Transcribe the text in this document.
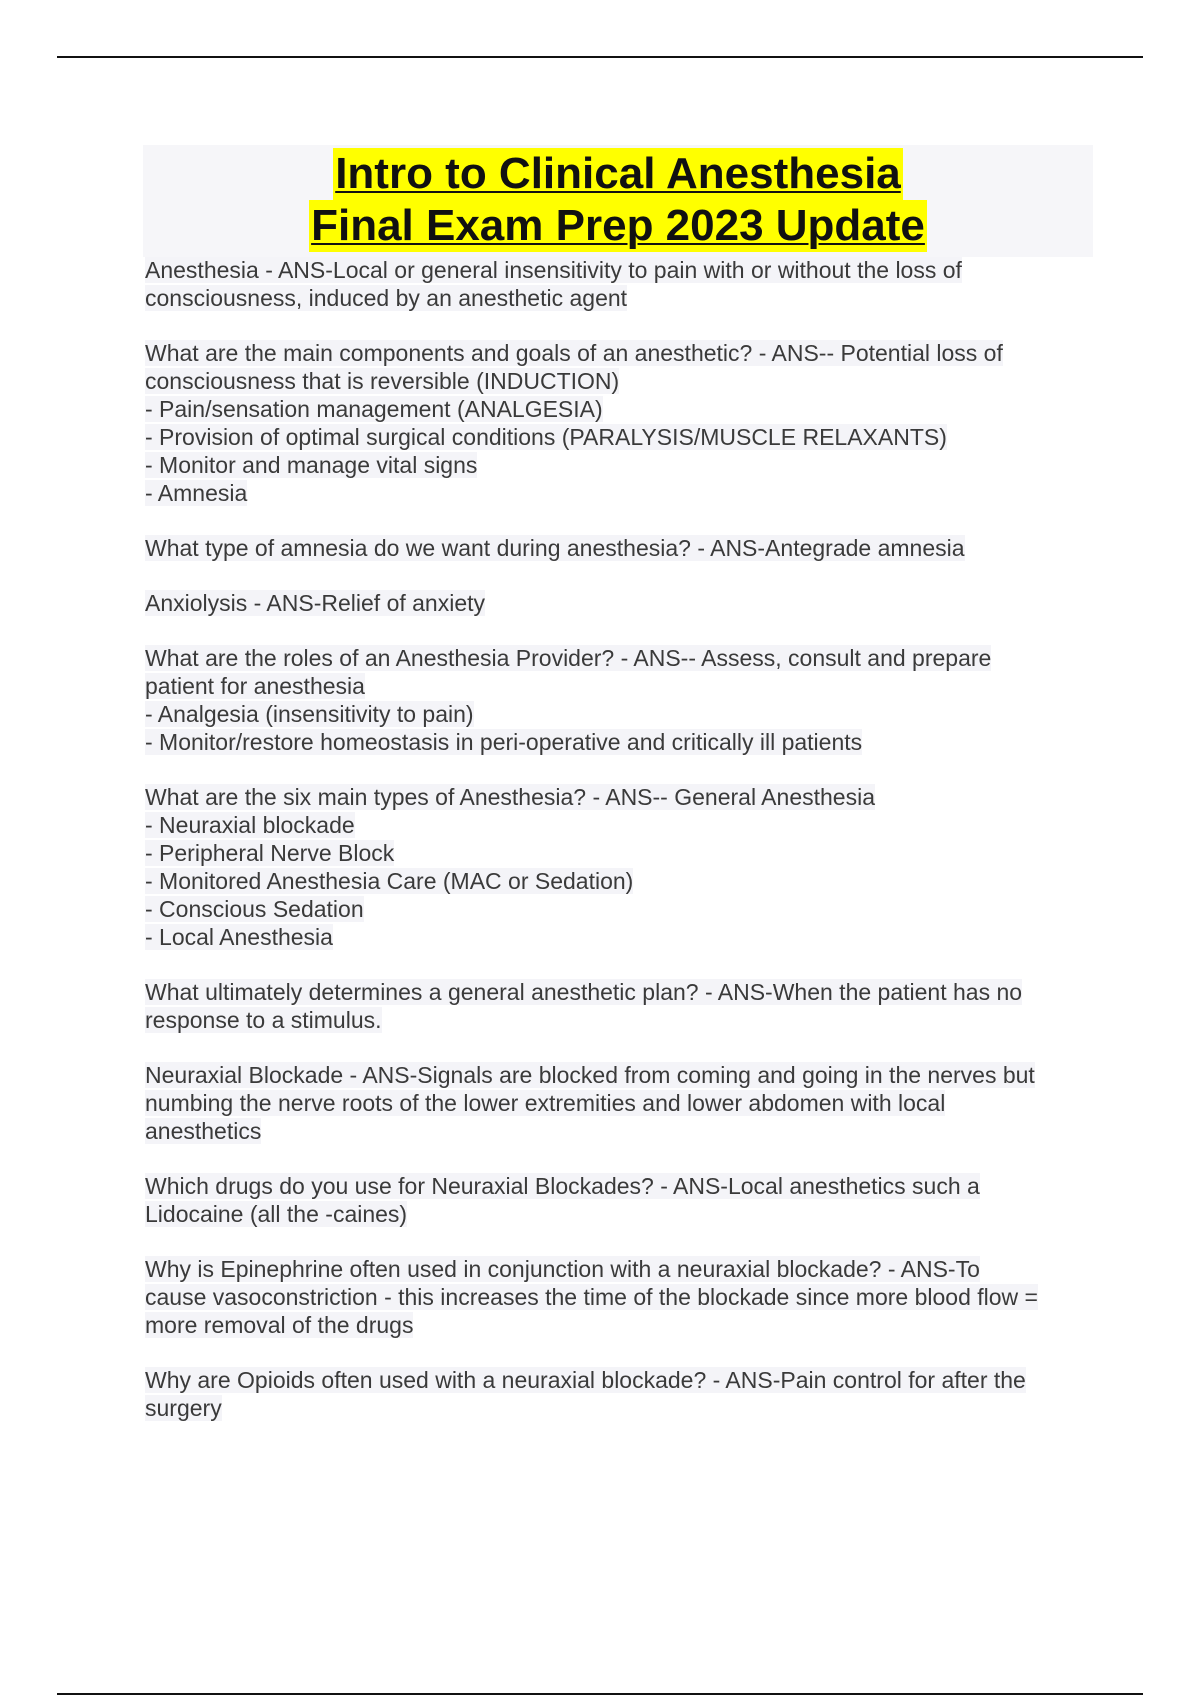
Intro to Clinical Anesthesia
Final Exam Prep 2023 Update
Anesthesia - ANS-Local or general insensitivity to pain with or without the loss of
consciousness, induced by an anesthetic agent
What are the main components and goals of an anesthetic? - ANS-- Potential loss of
consciousness that is reversible (INDUCTION)
- Pain/sensation management (ANALGESIA)
- Provision of optimal surgical conditions (PARALYSIS/MUSCLE RELAXANTS)
- Monitor and manage vital signs
- Amnesia
What type of amnesia do we want during anesthesia? - ANS-Antegrade amnesia
Anxiolysis - ANS-Relief of anxiety
What are the roles of an Anesthesia Provider? - ANS-- Assess, consult and prepare
patient for anesthesia
- Analgesia (insensitivity to pain)
- Monitor/restore homeostasis in peri-operative and critically ill patients
What are the six main types of Anesthesia? - ANS-- General Anesthesia
- Neuraxial blockade
- Peripheral Nerve Block
- Monitored Anesthesia Care (MAC or Sedation)
- Conscious Sedation
- Local Anesthesia
What ultimately determines a general anesthetic plan? - ANS-When the patient has no
response to a stimulus.
Neuraxial Blockade - ANS-Signals are blocked from coming and going in the nerves but
numbing the nerve roots of the lower extremities and lower abdomen with local
anesthetics
Which drugs do you use for Neuraxial Blockades? - ANS-Local anesthetics such a
Lidocaine (all the -caines)
Why is Epinephrine often used in conjunction with a neuraxial blockade? - ANS-To
cause vasoconstriction - this increases the time of the blockade since more blood flow =
more removal of the drugs
Why are Opioids often used with a neuraxial blockade? - ANS-Pain control for after the
surgery
